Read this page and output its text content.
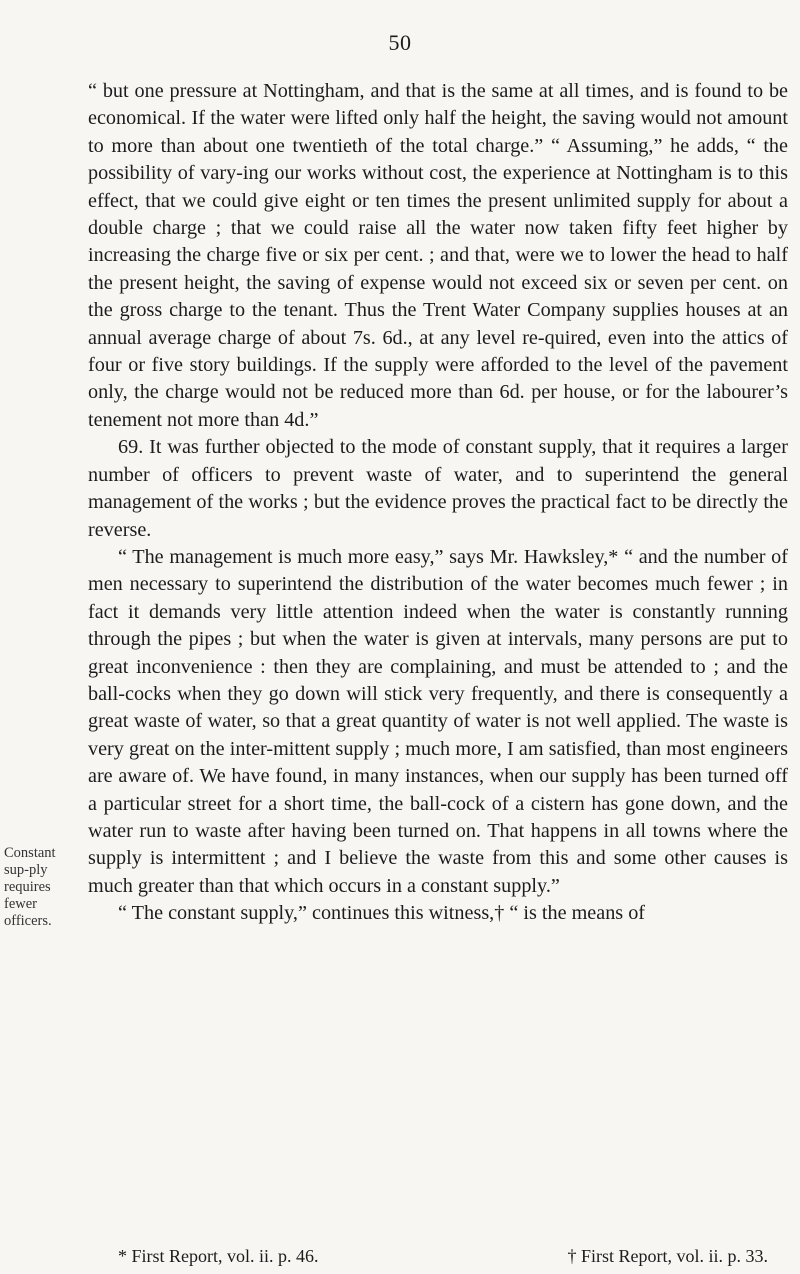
50
Constant sup-ply requires fewer officers.

“ but one pressure at Nottingham, and that is the same at all times, and is found to be economical. If the water were lifted only half the height, the saving would not amount to more than about one twentieth of the total charge.” “ Assuming,” he adds, “ the possibility of vary-ing our works without cost, the experience at Nottingham is to this effect, that we could give eight or ten times the present unlimited supply for about a double charge ; that we could raise all the water now taken fifty feet higher by increasing the charge five or six per cent. ; and that, were we to lower the head to half the present height, the saving of expense would not exceed six or seven per cent. on the gross charge to the tenant. Thus the Trent Water Company supplies houses at an annual average charge of about 7s. 6d., at any level re-quired, even into the attics of four or five story buildings. If the supply were afforded to the level of the pavement only, the charge would not be reduced more than 6d. per house, or for the labourer’s tenement not more than 4d.”

69. It was further objected to the mode of constant supply, that it requires a larger number of officers to prevent waste of water, and to superintend the general management of the works ; but the evidence proves the practical fact to be directly the reverse.

“ The management is much more easy,” says Mr. Hawksley,* “ and the number of men necessary to superintend the distribution of the water becomes much fewer ; in fact it demands very little attention indeed when the water is constantly running through the pipes ; but when the water is given at intervals, many persons are put to great inconvenience : then they are complaining, and must be attended to ; and the ball-cocks when they go down will stick very frequently, and there is consequently a great waste of water, so that a great quantity of water is not well applied. The waste is very great on the inter-mittent supply ; much more, I am satisfied, than most engineers are aware of. We have found, in many instances, when our supply has been turned off a particular street for a short time, the ball-cock of a cistern has gone down, and the water run to waste after having been turned on. That happens in all towns where the supply is intermittent ; and I believe the waste from this and some other causes is much greater than that which occurs in a constant supply.”

“ The constant supply,” continues this witness,† “ is the means of

* First Report, vol. ii. p. 46.	† First Report, vol. ii. p. 33.
